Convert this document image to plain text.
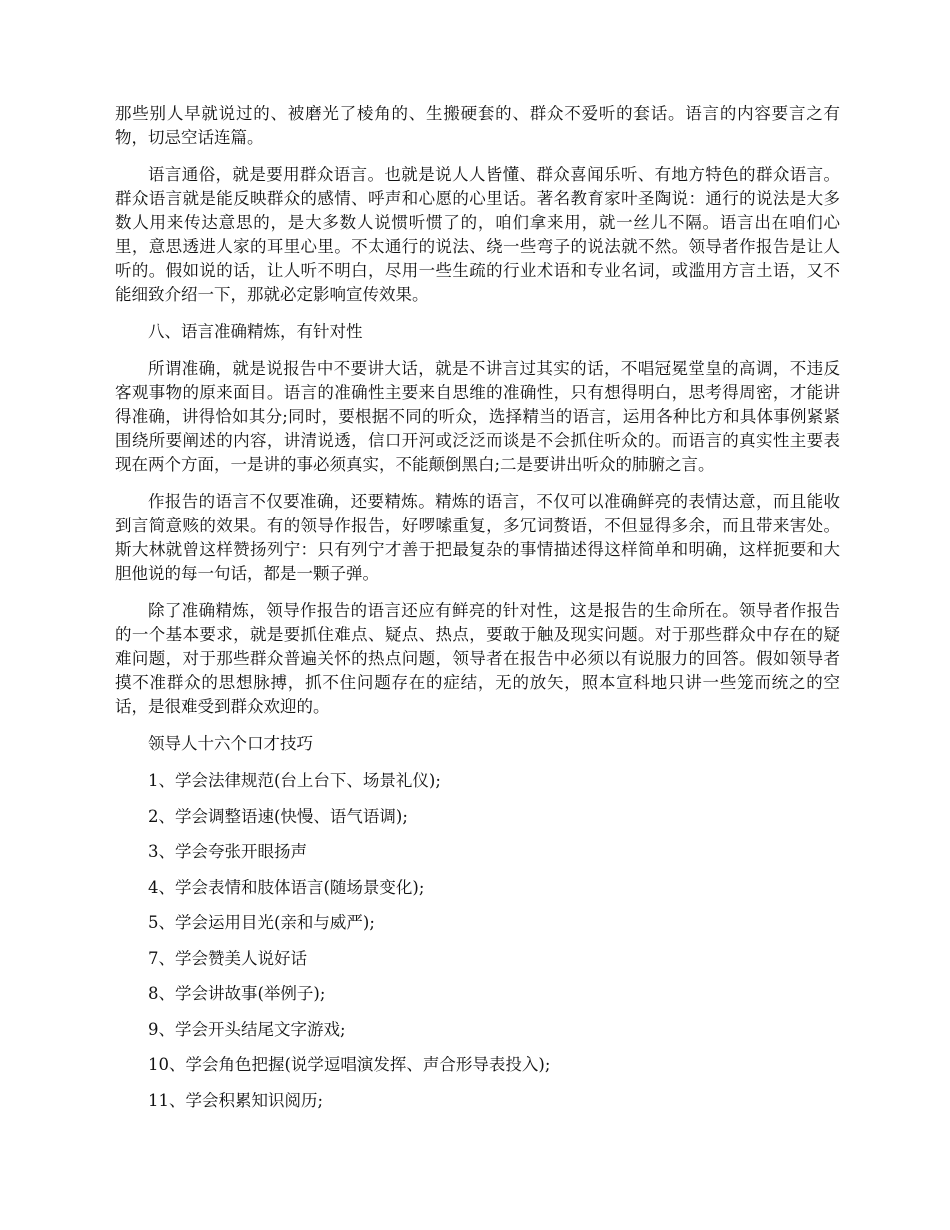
那些别人早就说过的、被磨光了棱角的、生搬硬套的、群众不爱听的套话。语言的内容要言之有物，切忌空话连篇。

语言通俗，就是要用群众语言。也就是说人人皆懂、群众喜闻乐听、有地方特色的群众语言。群众语言就是能反映群众的感情、呼声和心愿的心里话。著名教育家叶圣陶说：通行的说法是大多数人用来传达意思的，是大多数人说惯听惯了的，咱们拿来用，就一丝儿不隔。语言出在咱们心里，意思透进人家的耳里心里。不太通行的说法、绕一些弯子的说法就不然。领导者作报告是让人听的。假如说的话，让人听不明白，尽用一些生疏的行业术语和专业名词，或滥用方言土语，又不能细致介绍一下，那就必定影响宣传效果。

八、语言准确精炼，有针对性

所谓准确，就是说报告中不要讲大话，就是不讲言过其实的话，不唱冠冕堂皇的高调，不违反客观事物的原来面目。语言的准确性主要来自思维的准确性，只有想得明白，思考得周密，才能讲得准确，讲得恰如其分;同时，要根据不同的听众，选择精当的语言，运用各种比方和具体事例紧紧围绕所要阐述的内容，讲清说透，信口开河或泛泛而谈是不会抓住听众的。而语言的真实性主要表现在两个方面，一是讲的事必须真实，不能颠倒黑白;二是要讲出听众的肺腑之言。

作报告的语言不仅要准确，还要精炼。精炼的语言，不仅可以准确鲜亮的表情达意，而且能收到言简意赅的效果。有的领导作报告，好啰嗦重复，多冗词赘语，不但显得多余，而且带来害处。斯大林就曾这样赞扬列宁：只有列宁才善于把最复杂的事情描述得这样简单和明确，这样扼要和大胆他说的每一句话，都是一颗子弹。

除了准确精炼，领导作报告的语言还应有鲜亮的针对性，这是报告的生命所在。领导者作报告的一个基本要求，就是要抓住难点、疑点、热点，要敢于触及现实问题。对于那些群众中存在的疑难问题，对于那些群众普遍关怀的热点问题，领导者在报告中必须以有说服力的回答。假如领导者摸不准群众的思想脉搏，抓不住问题存在的症结，无的放矢，照本宣科地只讲一些笼而统之的空话，是很难受到群众欢迎的。

领导人十六个口才技巧

1、学会法律规范(台上台下、场景礼仪);
2、学会调整语速(快慢、语气语调);
3、学会夸张开眼扬声
4、学会表情和肢体语言(随场景变化);
5、学会运用目光(亲和与威严);
7、学会赞美人说好话
8、学会讲故事(举例子);
9、学会开头结尾文字游戏;
10、学会角色把握(说学逗唱演发挥、声合形导表投入);
11、学会积累知识阅历;
